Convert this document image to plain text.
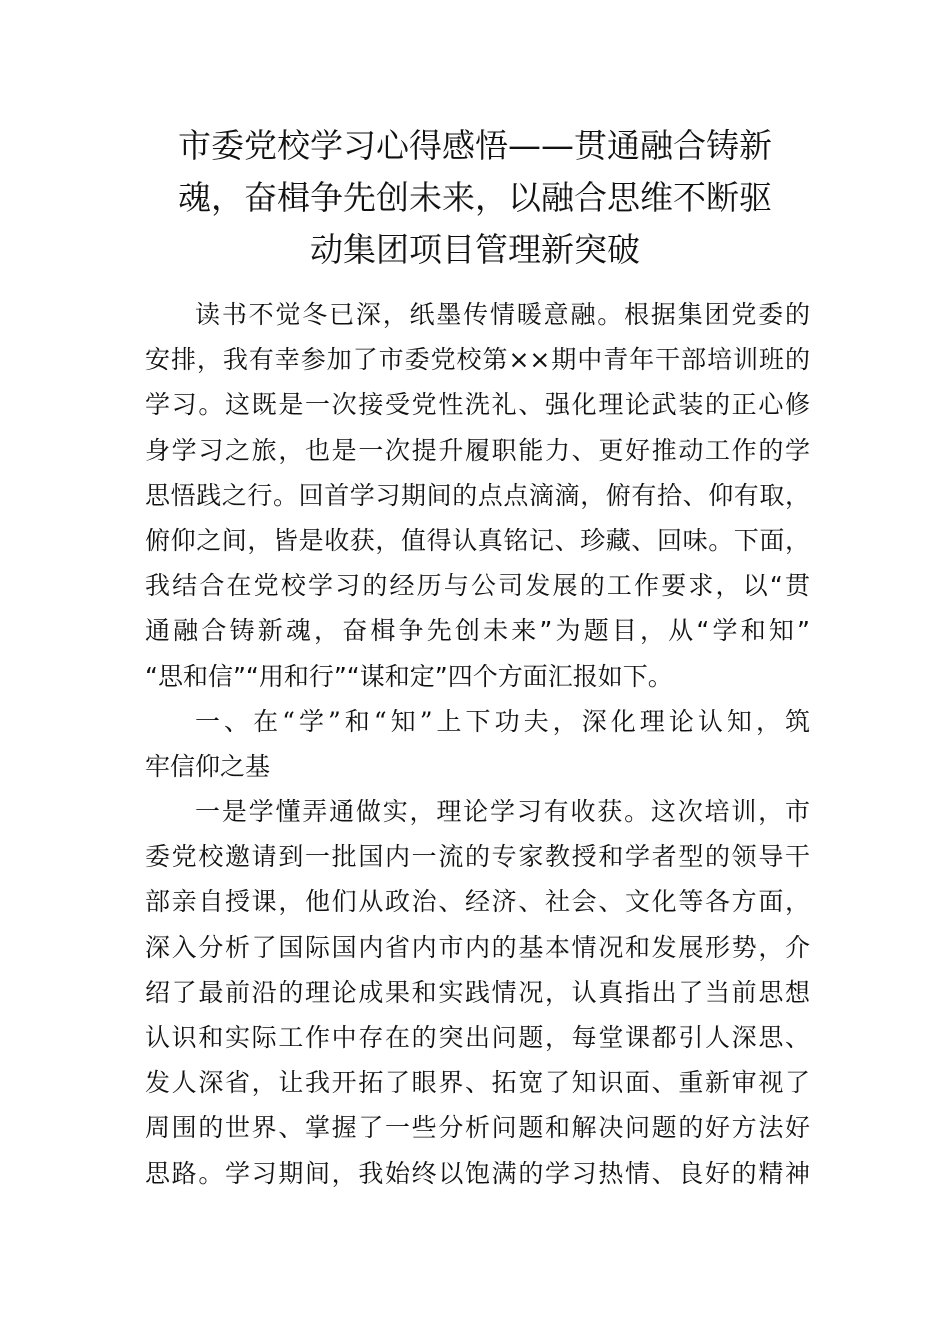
市委党校学习心得感悟——贯通融合铸新
魂，奋楫争先创未来，以融合思维不断驱
动集团项目管理新突破
读书不觉冬已深，纸墨传情暖意融。根据集团党委的
安排，我有幸参加了市委党校第××期中青年干部培训班的
学习。这既是一次接受党性洗礼、强化理论武装的正心修
身学习之旅，也是一次提升履职能力、更好推动工作的学
思悟践之行。回首学习期间的点点滴滴，俯有拾、仰有取，
俯仰之间，皆是收获，值得认真铭记、珍藏、回味。下面，
我结合在党校学习的经历与公司发展的工作要求，以“贯
通融合铸新魂，奋楫争先创未来”为题目，从“学和知”
“思和信”“用和行”“谋和定”四个方面汇报如下。
一、在“学”和“知”上下功夫，深化理论认知，筑
牢信仰之基
一是学懂弄通做实，理论学习有收获。这次培训，市
委党校邀请到一批国内一流的专家教授和学者型的领导干
部亲自授课，他们从政治、经济、社会、文化等各方面，
深入分析了国际国内省内市内的基本情况和发展形势，介
绍了最前沿的理论成果和实践情况，认真指出了当前思想
认识和实际工作中存在的突出问题，每堂课都引人深思、
发人深省，让我开拓了眼界、拓宽了知识面、重新审视了
周围的世界、掌握了一些分析问题和解决问题的好方法好
思路。学习期间，我始终以饱满的学习热情、良好的精神
